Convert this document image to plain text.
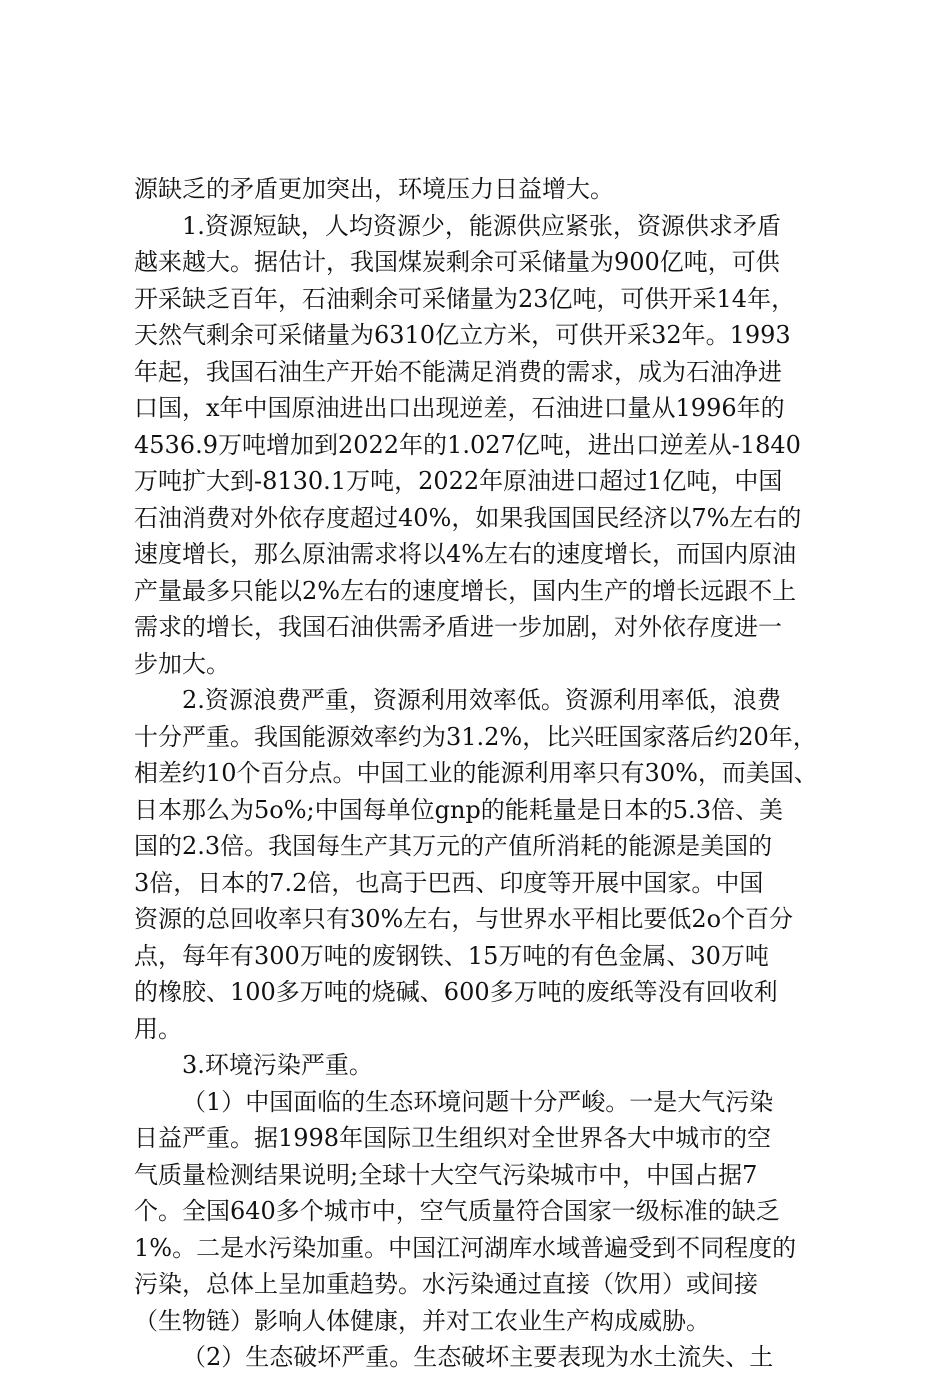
源缺乏的矛盾更加突出，环境压力日益增大。
1.资源短缺，人均资源少，能源供应紧张，资源供求矛盾
越来越大。据估计，我国煤炭剩余可采储量为900亿吨，可供
开采缺乏百年，石油剩余可采储量为23亿吨，可供开采14年，
天然气剩余可采储量为6310亿立方米，可供开采32年。1993
年起，我国石油生产开始不能满足消费的需求，成为石油净进
口国，x年中国原油进出口出现逆差，石油进口量从1996年的
4536.9万吨增加到2022年的1.027亿吨，进出口逆差从-1840
万吨扩大到-8130.1万吨，2022年原油进口超过1亿吨，中国
石油消费对外依存度超过40%，如果我国国民经济以7%左右的
速度增长，那么原油需求将以4%左右的速度增长，而国内原油
产量最多只能以2%左右的速度增长，国内生产的增长远跟不上
需求的增长，我国石油供需矛盾进一步加剧，对外依存度进一
步加大。
2.资源浪费严重，资源利用效率低。资源利用率低，浪费
十分严重。我国能源效率约为31.2%，比兴旺国家落后约20年，
相差约10个百分点。中国工业的能源利用率只有30%，而美国、
日本那么为5o%;中国每单位gnp的能耗量是日本的5.3倍、美
国的2.3倍。我国每生产其万元的产值所消耗的能源是美国的
3倍，日本的7.2倍，也高于巴西、印度等开展中国家。中国
资源的总回收率只有30%左右，与世界水平相比要低2o个百分
点，每年有300万吨的废钢铁、15万吨的有色金属、30万吨
的橡胶、100多万吨的烧碱、600多万吨的废纸等没有回收利
用。
3.环境污染严重。
（1）中国面临的生态环境问题十分严峻。一是大气污染
日益严重。据1998年国际卫生组织对全世界各大中城市的空
气质量检测结果说明;全球十大空气污染城市中，中国占据7
个。全国640多个城市中，空气质量符合国家一级标准的缺乏
1%。二是水污染加重。中国江河湖库水域普遍受到不同程度的
污染，总体上呈加重趋势。水污染通过直接（饮用）或间接
（生物链）影响人体健康，并对工农业生产构成威胁。
（2）生态破坏严重。生态破坏主要表现为水土流失、土
